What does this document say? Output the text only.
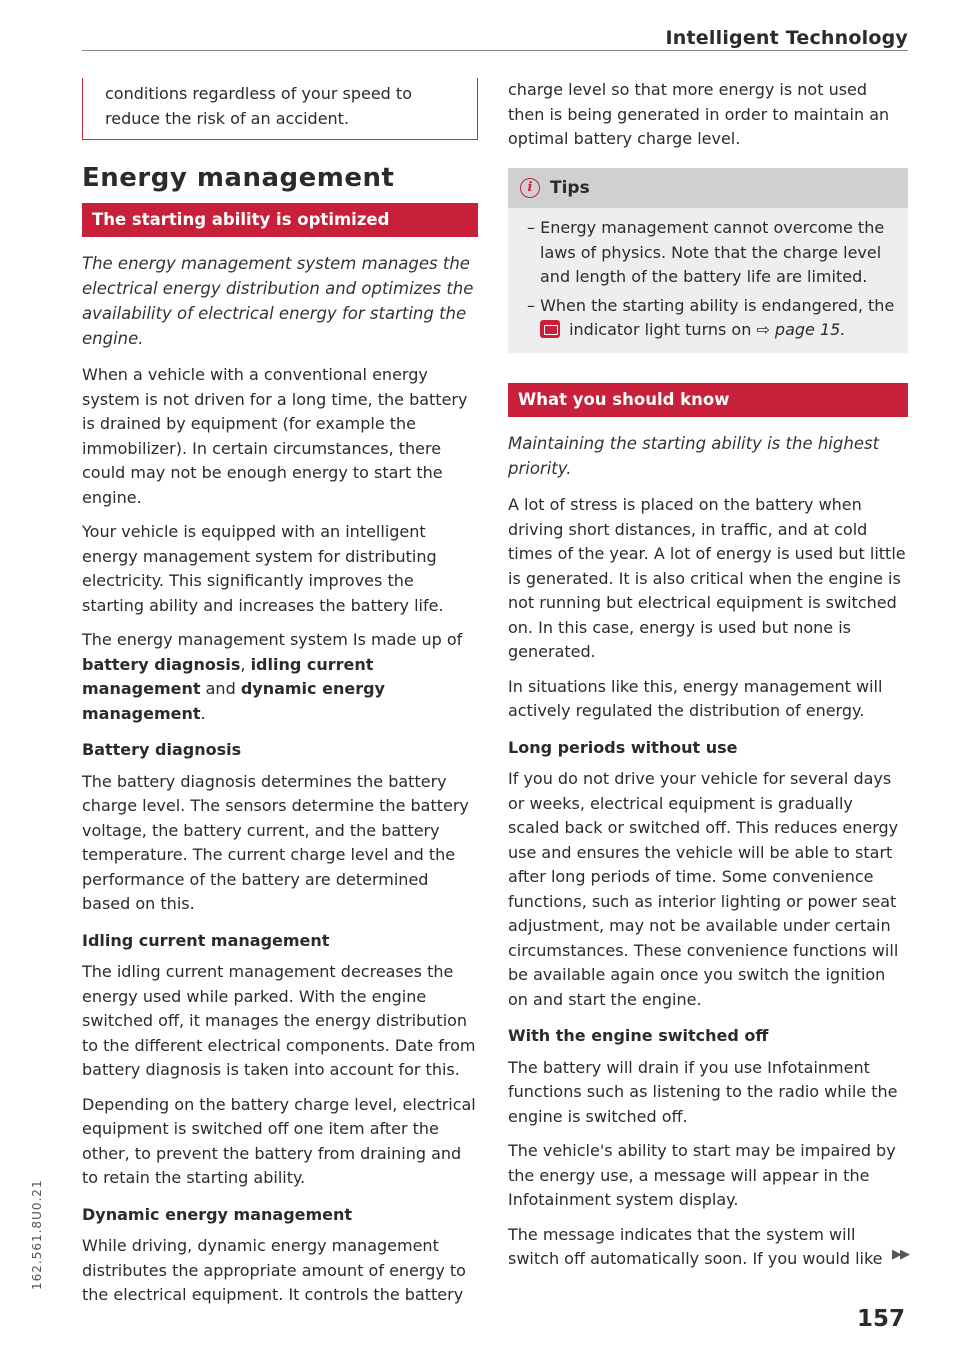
Intelligent Technology

conditions regardless of your speed to reduce the risk of an accident.

Energy management
The starting ability is optimized

The energy management system manages the electrical energy distribution and optimizes the availability of electrical energy for starting the engine.

When a vehicle with a conventional energy system is not driven for a long time, the battery is drained by equipment (for example the immobilizer). In certain circumstances, there could may not be enough energy to start the engine.

Your vehicle is equipped with an intelligent energy management system for distributing electricity. This significantly improves the starting ability and increases the battery life.

The energy management system Is made up of battery diagnosis, idling current management and dynamic energy management.

Battery diagnosis

The battery diagnosis determines the battery charge level. The sensors determine the battery voltage, the battery current, and the battery temperature. The current charge level and the performance of the battery are determined based on this.

Idling current management

The idling current management decreases the energy used while parked. With the engine switched off, it manages the energy distribution to the different electrical components. Date from battery diagnosis is taken into account for this.

Depending on the battery charge level, electrical equipment is switched off one item after the other, to prevent the battery from draining and to retain the starting ability.

Dynamic energy management

While driving, dynamic energy management distributes the appropriate amount of energy to the electrical equipment. It controls the battery

charge level so that more energy is not used then is being generated in order to maintain an optimal battery charge level.

i	Tips
– Energy management cannot overcome the laws of physics. Note that the charge level and length of the battery life are limited.
– When the starting ability is endangered, the
indicator light turns on ⇨ page 15.
What you should know

Maintaining the starting ability is the highest priority.

A lot of stress is placed on the battery when driving short distances, in traffic, and at cold times of the year. A lot of energy is used but little is generated. It is also critical when the engine is not running but electrical equipment is switched on. In this case, energy is used but none is generated.

In situations like this, energy management will actively regulated the distribution of energy.

Long periods without use

If you do not drive your vehicle for several days or weeks, electrical equipment is gradually scaled back or switched off. This reduces energy use and ensures the vehicle will be able to start after long periods of time. Some convenience functions, such as interior lighting or power seat adjustment, may not be available under certain circumstances. These convenience functions will be available again once you switch the ignition on and start the engine.

With the engine switched off

The battery will drain if you use Infotainment functions such as listening to the radio while the engine is switched off.

The vehicle's ability to start may be impaired by the energy use, a message will appear in the Infotainment system display.

The message indicates that the system will switch off automatically soon. If you would like ▶▶
157
162.561.8U0.21
